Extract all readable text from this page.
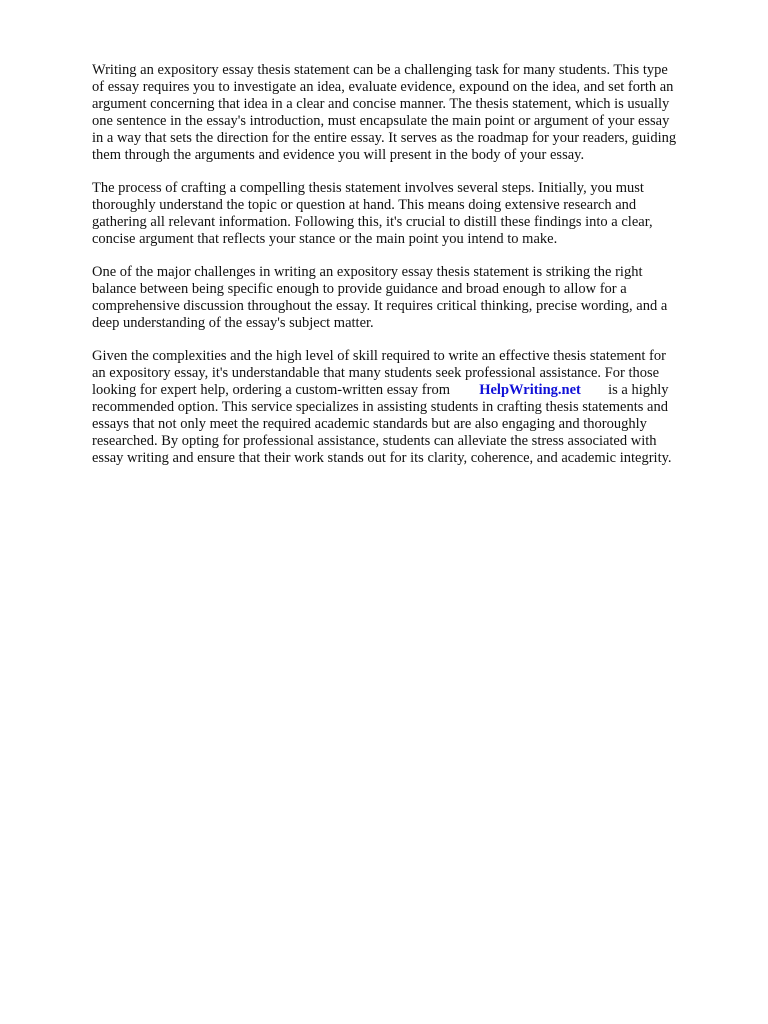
Writing an expository essay thesis statement can be a challenging task for many students. This type
of essay requires you to investigate an idea, evaluate evidence, expound on the idea, and set forth an
argument concerning that idea in a clear and concise manner. The thesis statement, which is usually
one sentence in the essay's introduction, must encapsulate the main point or argument of your essay
in a way that sets the direction for the entire essay. It serves as the roadmap for your readers, guiding
them through the arguments and evidence you will present in the body of your essay.
The process of crafting a compelling thesis statement involves several steps. Initially, you must
thoroughly understand the topic or question at hand. This means doing extensive research and
gathering all relevant information. Following this, it's crucial to distill these findings into a clear,
concise argument that reflects your stance or the main point you intend to make.
One of the major challenges in writing an expository essay thesis statement is striking the right
balance between being specific enough to provide guidance and broad enough to allow for a
comprehensive discussion throughout the essay. It requires critical thinking, precise wording, and a
deep understanding of the essay's subject matter.
Given the complexities and the high level of skill required to write an effective thesis statement for
an expository essay, it's understandable that many students seek professional assistance. For those
looking for expert help, ordering a custom-written essay from HelpWriting.net is a highly
recommended option. This service specializes in assisting students in crafting thesis statements and
essays that not only meet the required academic standards but are also engaging and thoroughly
researched. By opting for professional assistance, students can alleviate the stress associated with
essay writing and ensure that their work stands out for its clarity, coherence, and academic integrity.
